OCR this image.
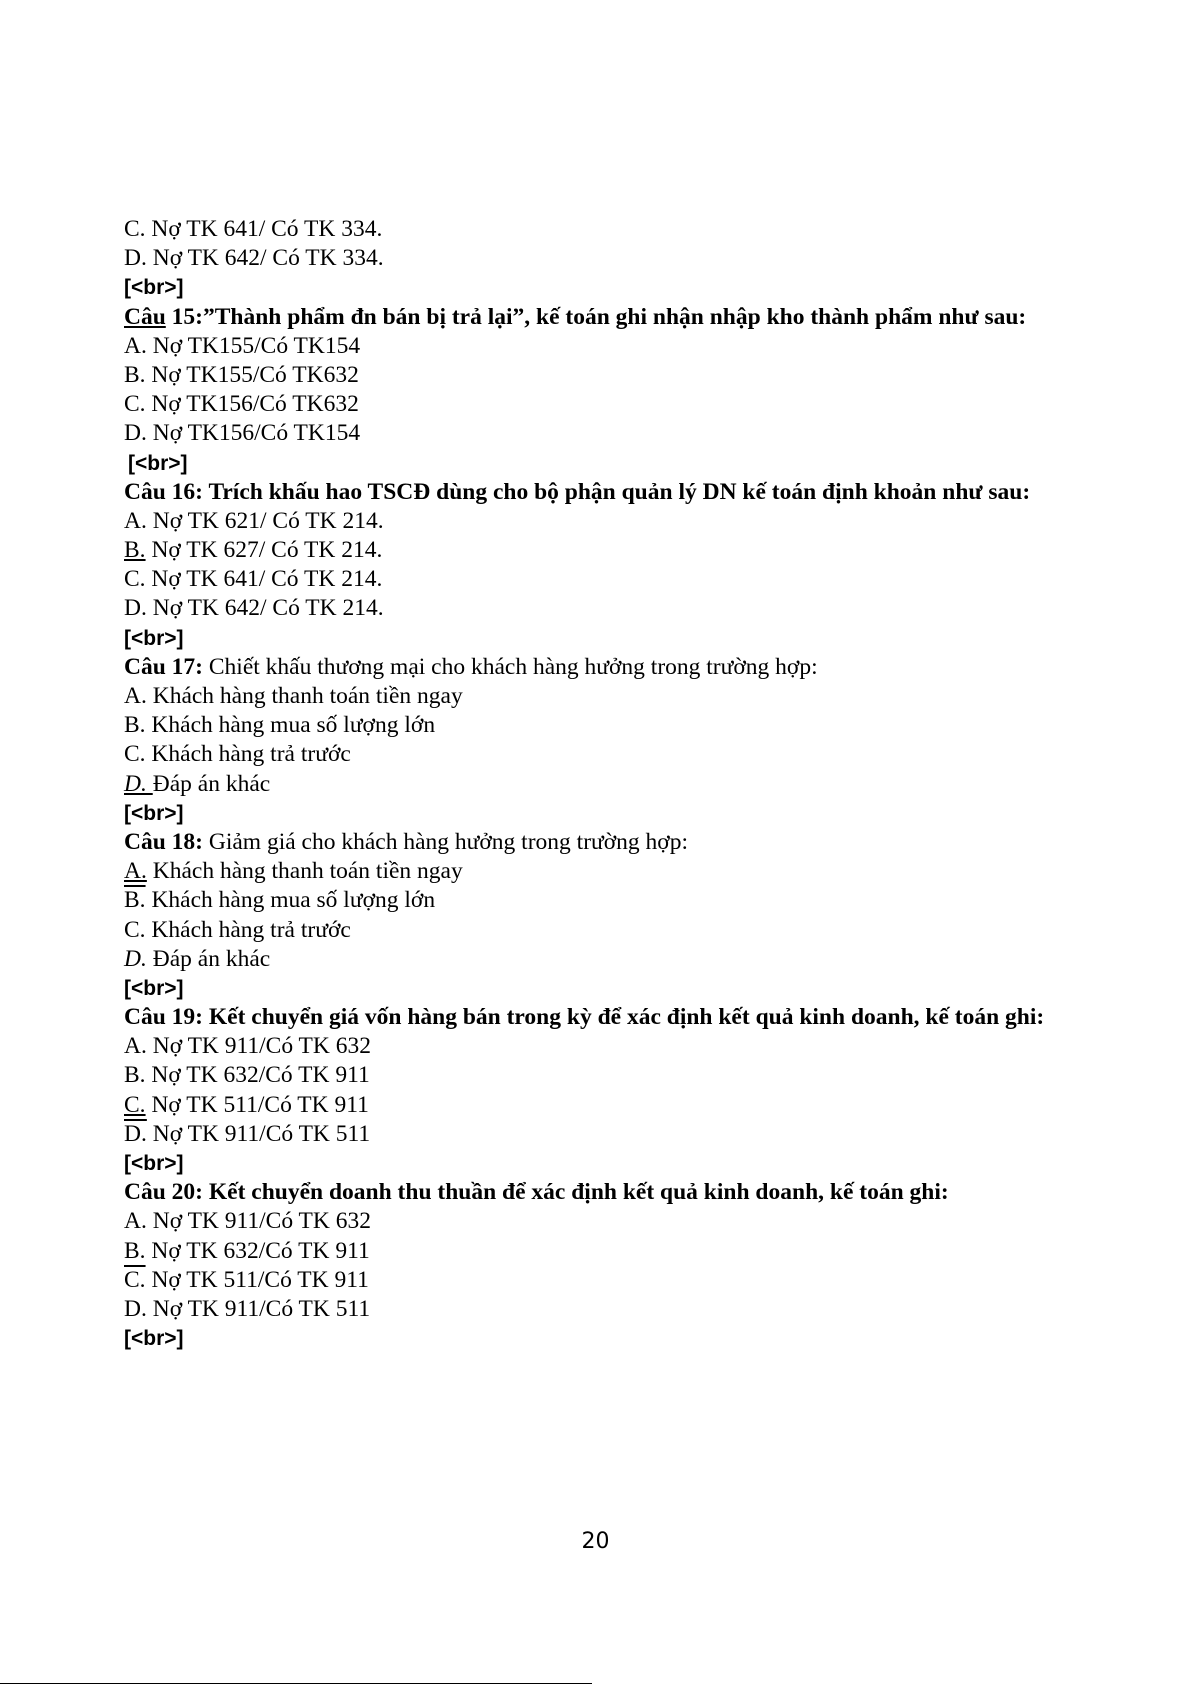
C. Nợ TK 641/ Có TK 334.
D. Nợ TK 642/ Có TK 334.
[<br>]
Câu 15:”Thành phẩm đn bán bị trả lại”, kế toán ghi nhận nhập kho thành phẩm như sau:
A. Nợ TK155/Có TK154
B. Nợ TK155/Có TK632
C. Nợ TK156/Có TK632
D. Nợ TK156/Có TK154
[<br>]
Câu 16: Trích khấu hao TSCĐ dùng cho bộ phận quản lý DN kế toán định khoản như sau:
A. Nợ TK 621/ Có TK 214.
B. Nợ TK 627/ Có TK 214.
C. Nợ TK 641/ Có TK 214.
D. Nợ TK 642/ Có TK 214.
[<br>]
Câu 17: Chiết khấu thương mại cho khách hàng hưởng trong trường hợp:
A. Khách hàng thanh toán tiền ngay
B. Khách hàng mua số lượng lớn
C. Khách hàng trả trước
D. Đáp án khác
[<br>]
Câu 18: Giảm giá cho khách hàng hưởng trong trường hợp:
A. Khách hàng thanh toán tiền ngay
B. Khách hàng mua số lượng lớn
C. Khách hàng trả trước
D. Đáp án khác
[<br>]
Câu 19: Kết chuyển giá vốn hàng bán trong kỳ để xác định kết quả kinh doanh, kế toán ghi:
A. Nợ TK 911/Có TK 632
B. Nợ TK 632/Có TK 911
C. Nợ TK 511/Có TK 911
D. Nợ TK 911/Có TK 511
[<br>]
Câu 20: Kết chuyển doanh thu thuần để xác định kết quả kinh doanh, kế toán ghi:
A. Nợ TK 911/Có TK 632
B. Nợ TK 632/Có TK 911
C. Nợ TK 511/Có TK 911
D. Nợ TK 911/Có TK 511
[<br>]
20
